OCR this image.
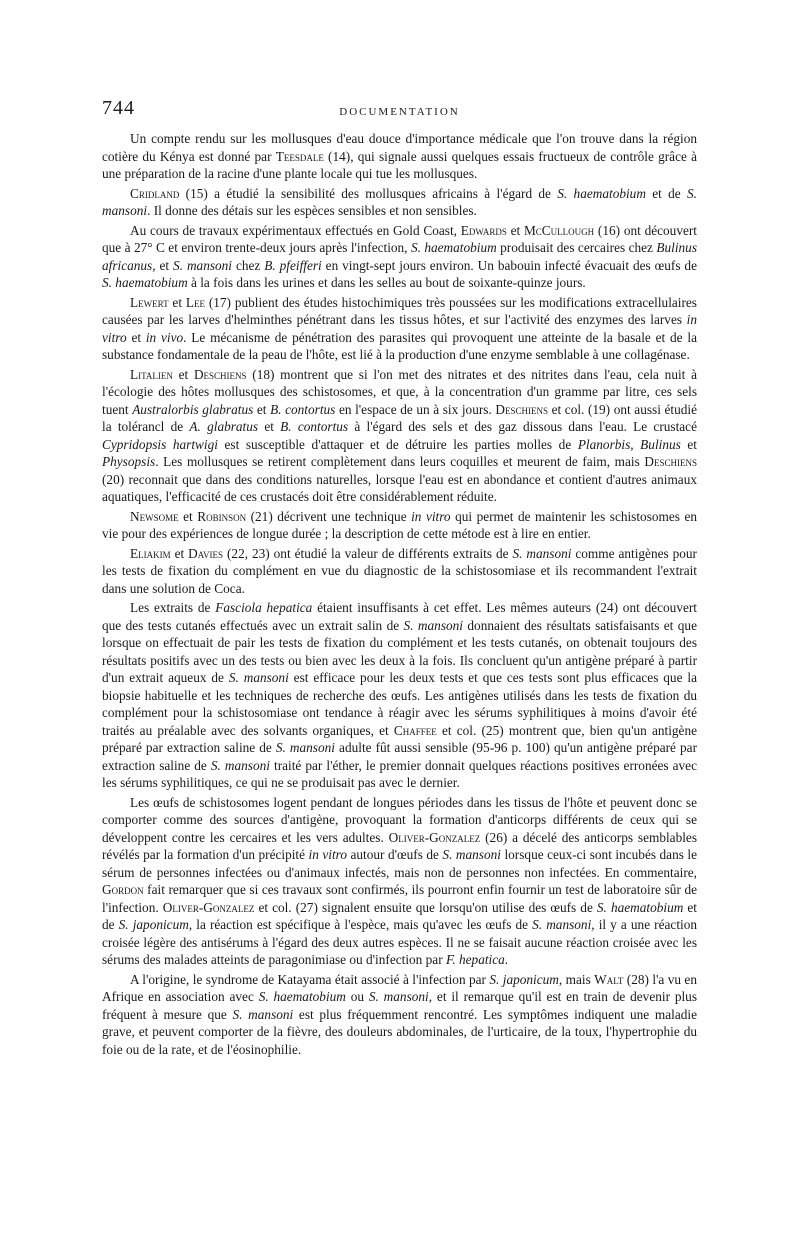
744	DOCUMENTATION

Un compte rendu sur les mollusques d'eau douce d'importance médicale que l'on trouve dans la région cotière du Kénya est donné par Teesdale (14), qui signale aussi quelques essais fructueux de contrôle grâce à une préparation de la racine d'une plante locale qui tue les mollusques.

Cridland (15) a étudié la sensibilité des mollusques africains à l'égard de S. haematobium et de S. mansoni. Il donne des détais sur les espèces sensibles et non sensibles.

Au cours de travaux expérimentaux effectués en Gold Coast, Edwards et McCullough (16) ont découvert que à 27° C et environ trente-deux jours après l'infection, S. haematobium produisait des cercaires chez Bulinus africanus, et S. mansoni chez B. pfeifferi en vingt-sept jours environ. Un babouin infecté évacuait des œufs de S. haematobium à la fois dans les urines et dans les selles au bout de soixante-quinze jours.

Lewert et Lee (17) publient des études histochimiques très poussées sur les modifications extracellulaires causées par les larves d'helminthes pénétrant dans les tissus hôtes, et sur l'activité des enzymes des larves in vitro et in vivo. Le mécanisme de pénétration des parasites qui provoquent une atteinte de la basale et de la substance fondamentale de la peau de l'hôte, est lié à la production d'une enzyme semblable à une collagénase.

Litalien et Deschiens (18) montrent que si l'on met des nitrates et des nitrites dans l'eau, cela nuit à l'écologie des hôtes mollusques des schistosomes, et que, à la concentration d'un gramme par litre, ces sels tuent Australorbis glabratus et B. contortus en l'espace de un à six jours. Deschiens et col. (19) ont aussi étudié la tolérancl de A. glabratus et B. contortus à l'égard des sels et des gaz dissous dans l'eau. Le crustacé Cypridopsis hartwigi est susceptible d'attaquer et de détruire les parties molles de Planorbis, Bulinus et Physopsis. Les mollusques se retirent complètement dans leurs coquilles et meurent de faim, mais Deschiens (20) reconnait que dans des conditions naturelles, lorsque l'eau est en abondance et contient d'autres animaux aquatiques, l'efficacité de ces crustacés doit être considérablement réduite.

Newsome et Robinson (21) décrivent une technique in vitro qui permet de maintenir les schistosomes en vie pour des expériences de longue durée ; la description de cette métode est à lire en entier.

Eliakim et Davies (22, 23) ont étudié la valeur de différents extraits de S. mansoni comme antigènes pour les tests de fixation du complément en vue du diagnostic de la schistosomiase et ils recommandent l'extrait dans une solution de Coca.

Les extraits de Fasciola hepatica étaient insuffisants à cet effet. Les mêmes auteurs (24) ont découvert que des tests cutanés effectués avec un extrait salin de S. mansoni donnaient des résultats satisfaisants et que lorsque on effectuait de pair les tests de fixation du complément et les tests cutanés, on obtenait toujours des résultats positifs avec un des tests ou bien avec les deux à la fois. Ils concluent qu'un antigène préparé à partir d'un extrait aqueux de S. mansoni est efficace pour les deux tests et que ces tests sont plus efficaces que la biopsie habituelle et les techniques de recherche des œufs. Les antigènes utilisés dans les tests de fixation du complément pour la schistosomiase ont tendance à réagir avec les sérums syphilitiques à moins d'avoir été traités au préalable avec des solvants organiques, et Chaffee et col. (25) montrent que, bien qu'un antigène préparé par extraction saline de S. mansoni adulte fût aussi sensible (95-96 p. 100) qu'un antigène préparé par extraction saline de S. mansoni traité par l'éther, le premier donnait quelques réactions positives erronées avec les sérums syphilitiques, ce qui ne se produisait pas avec le dernier.

Les œufs de schistosomes logent pendant de longues périodes dans les tissus de l'hôte et peuvent donc se comporter comme des sources d'antigène, provoquant la formation d'anticorps différents de ceux qui se développent contre les cercaires et les vers adultes. Oliver-Gonzalez (26) a décelé des anticorps semblables révélés par la formation d'un précipité in vitro autour d'œufs de S. mansoni lorsque ceux-ci sont incubés dans le sérum de personnes infectées ou d'animaux infectés, mais non de personnes non infectées. En commentaire, Gordon fait remarquer que si ces travaux sont confirmés, ils pourront enfin fournir un test de laboratoire sûr de l'infection. Oliver-Gonzalez et col. (27) signalent ensuite que lorsqu'on utilise des œufs de S. haematobium et de S. japonicum, la réaction est spécifique à l'espèce, mais qu'avec les œufs de S. mansoni, il y a une réaction croisée légère des antisérums à l'égard des deux autres espèces. Il ne se faisait aucune réaction croisée avec les sérums des malades atteints de paragonimiase ou d'infection par F. hepatica.

A l'origine, le syndrome de Katayama était associé à l'infection par S. japonicum, mais Walt (28) l'a vu en Afrique en association avec S. haematobium ou S. mansoni, et il remarque qu'il est en train de devenir plus fréquent à mesure que S. mansoni est plus fréquemment rencontré. Les symptômes indiquent une maladie grave, et peuvent comporter de la fièvre, des douleurs abdominales, de l'urticaire, de la toux, l'hypertrophie du foie ou de la rate, et de l'éosinophilie.
